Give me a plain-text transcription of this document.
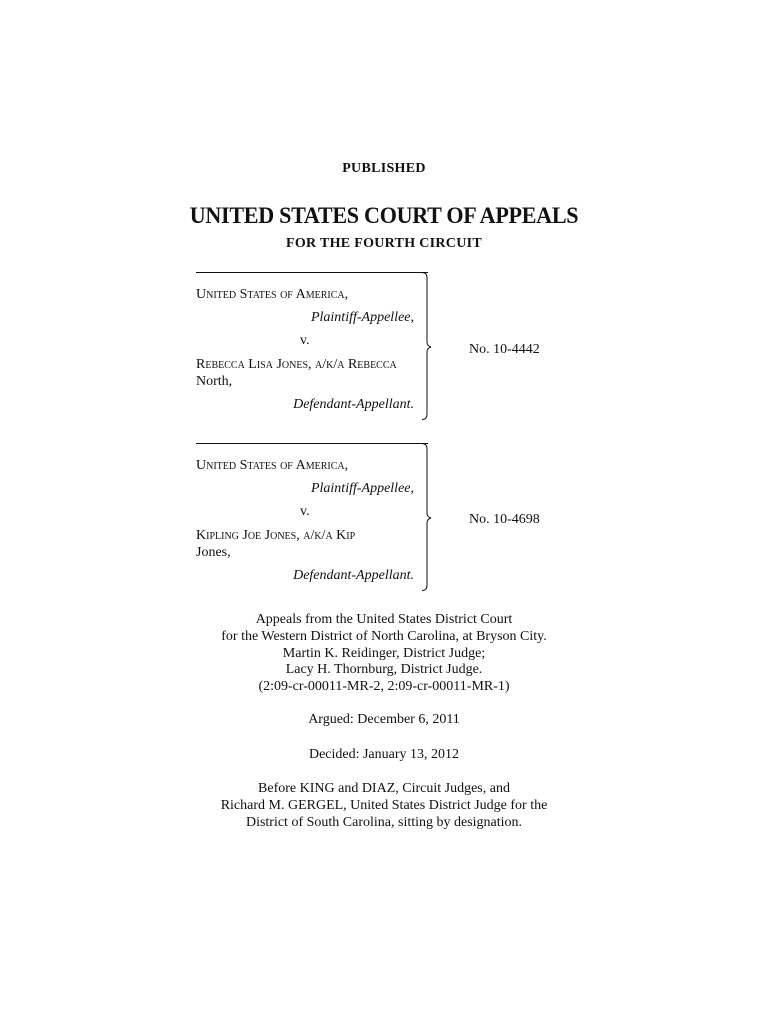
PUBLISHED
UNITED STATES COURT OF APPEALS
FOR THE FOURTH CIRCUIT
United States of America,
Plaintiff-Appellee,
v.
Rebecca Lisa Jones, a/k/a Rebecca
North,
Defendant-Appellant.
No. 10-4442
United States of America,
Plaintiff-Appellee,
v.
Kipling Joe Jones, a/k/a Kip
Jones,
Defendant-Appellant.
No. 10-4698
Appeals from the United States District Court
for the Western District of North Carolina, at Bryson City.
Martin K. Reidinger, District Judge;
Lacy H. Thornburg, District Judge.
(2:09-cr-00011-MR-2, 2:09-cr-00011-MR-1)
Argued: December 6, 2011
Decided: January 13, 2012
Before KING and DIAZ, Circuit Judges, and
Richard M. GERGEL, United States District Judge for the
District of South Carolina, sitting by designation.
